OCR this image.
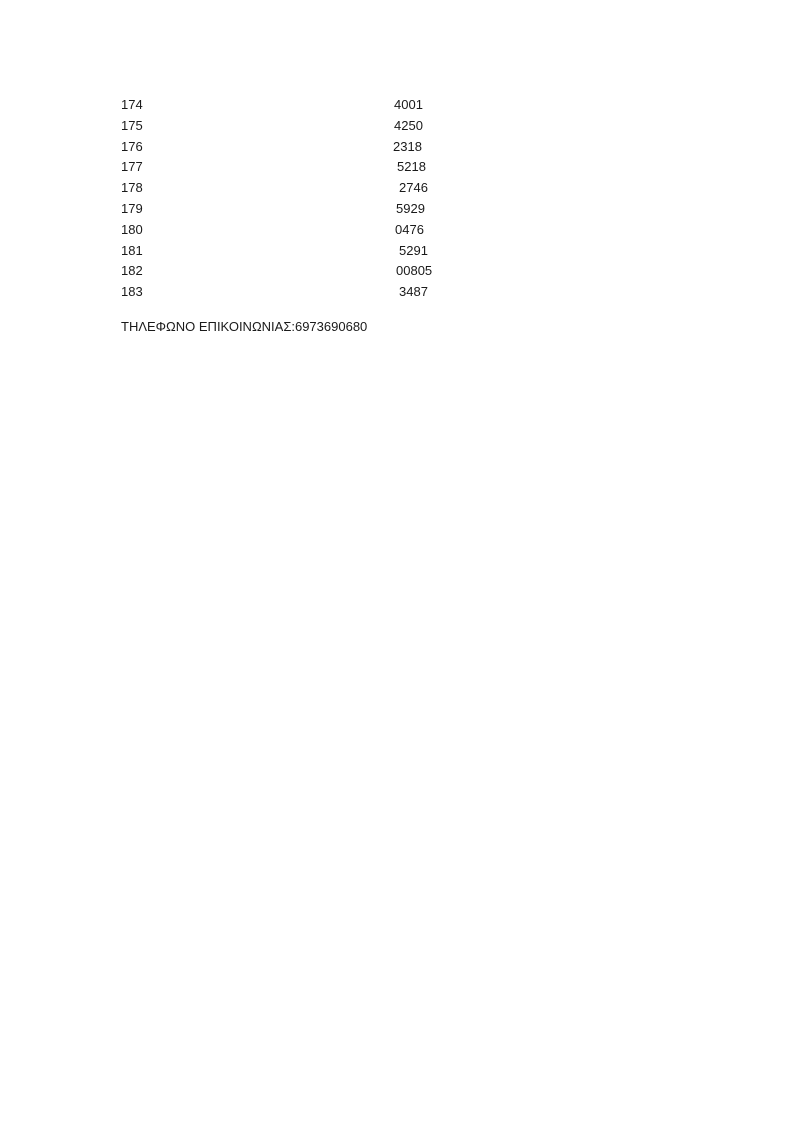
174	4001
175	4250
176	2318
177	5218
178	2746
179	5929
180	0476
181	5291
182	00805
183	3487
ΤΗΛΕΦΩΝΟ ΕΠΙΚΟΙΝΩΝΙΑΣ:6973690680
